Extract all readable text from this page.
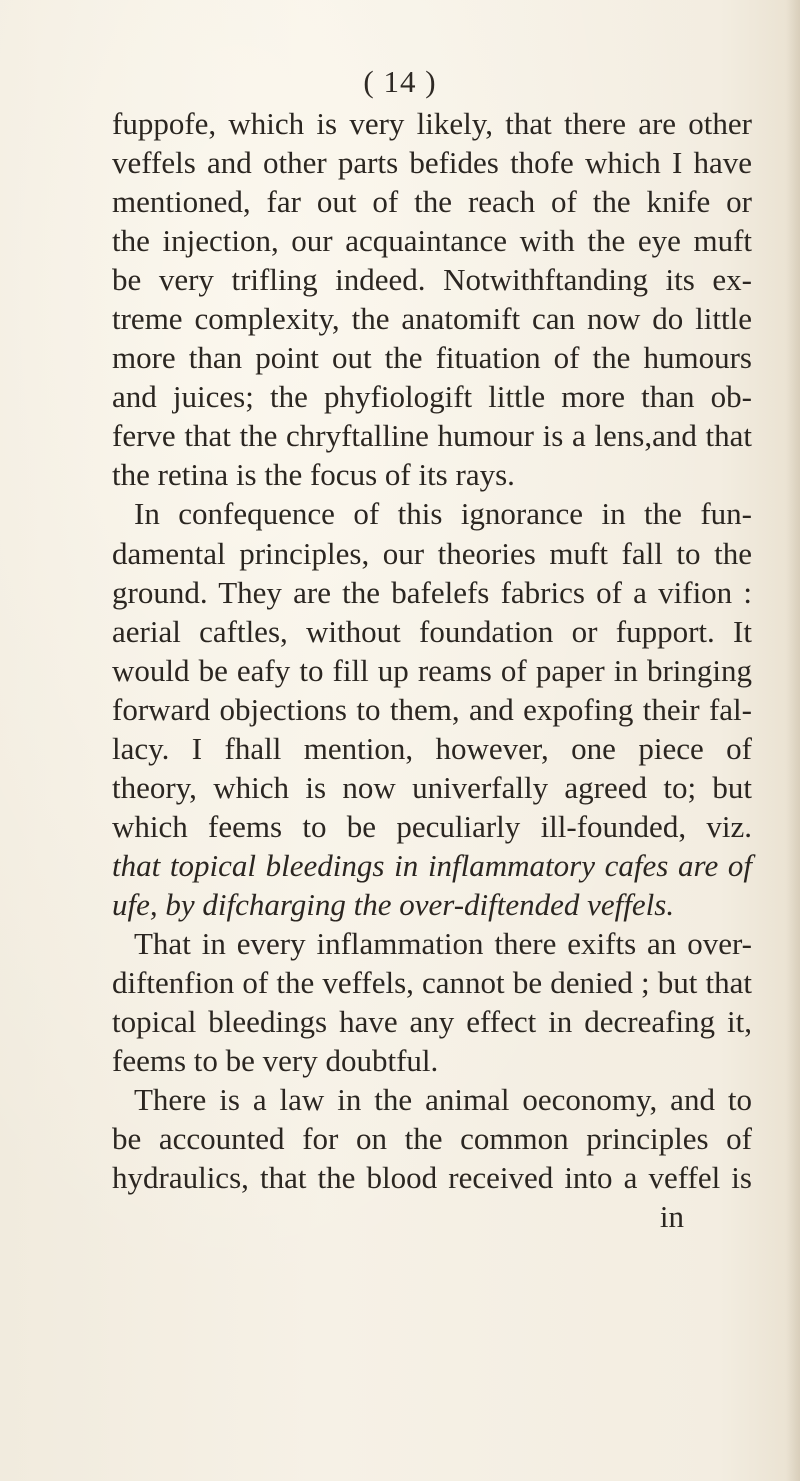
( 14 )
fuppofe, which is very likely, that there are other
veffels and other parts befides thofe which I have
mentioned, far out of the reach of the knife or
the injection, our acquaintance with the eye muft
be very trifling indeed. Notwithftanding its ex-
treme complexity, the anatomift can now do little
more than point out the fituation of the humours
and juices; the phyfiologift little more than ob-
ferve that the chryftalline humour is a lens,and that
the retina is the focus of its rays.
In confequence of this ignorance in the fun-
damental principles, our theories muft fall to the
ground. They are the bafelefs fabrics of a vifion :
aerial caftles, without foundation or fupport. It
would be eafy to fill up reams of paper in bringing
forward objections to them, and expofing their fal-
lacy. I fhall mention, however, one piece of
theory, which is now univerfally agreed to; but
which feems to be peculiarly ill-founded, viz.
that topical bleedings in inflammatory cafes are of
ufe, by difcharging the over-diftended veffels.
That in every inflammation there exifts an over-
diftenfion of the veffels, cannot be denied ; but that
topical bleedings have any effect in decreafing it,
feems to be very doubtful.
There is a law in the animal oeconomy, and to
be accounted for on the common principles of
hydraulics, that the blood received into a veffel is
in
